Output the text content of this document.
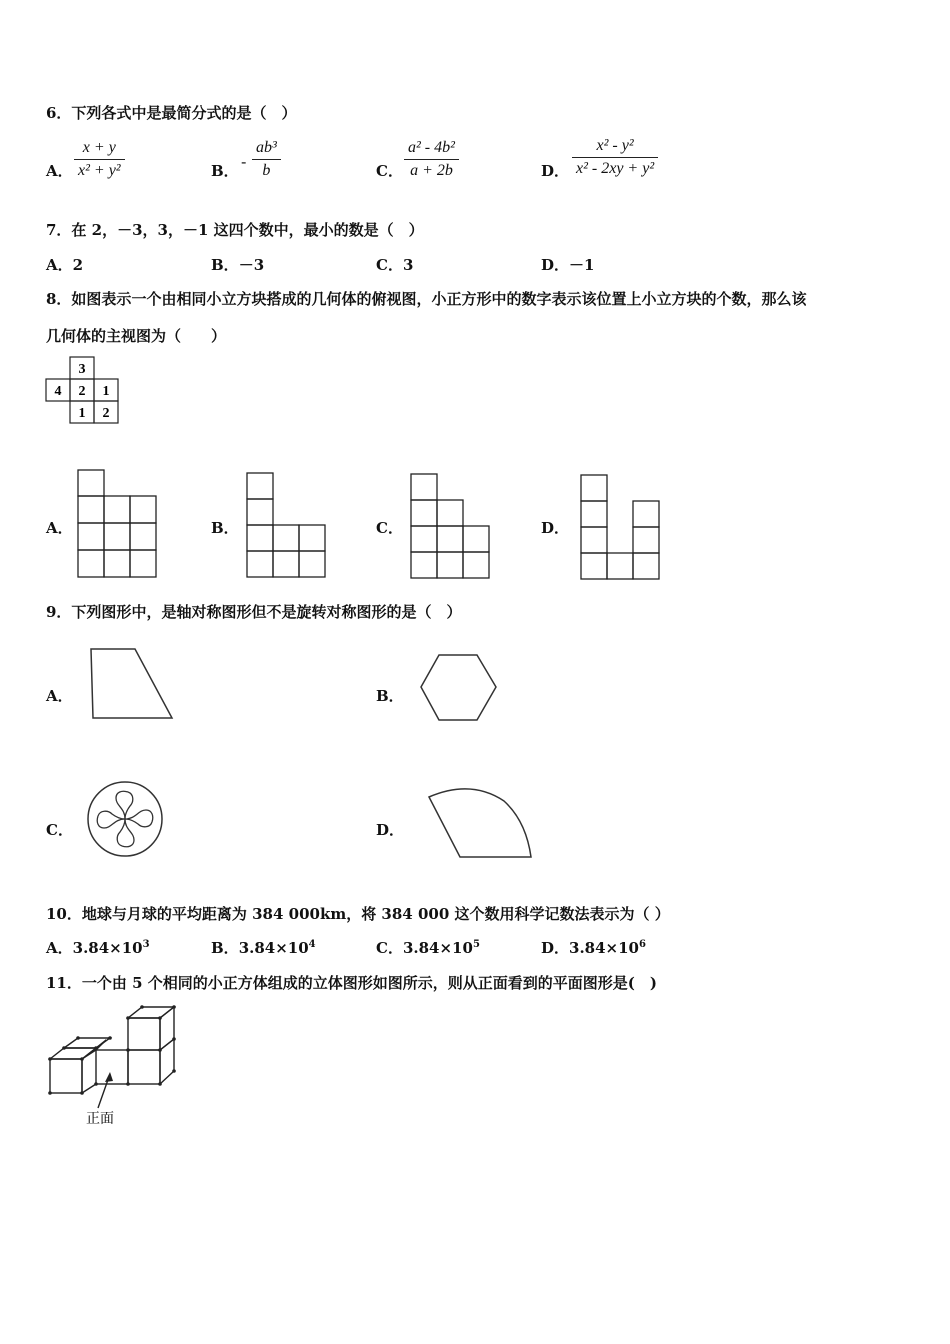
6．下列各式中是最简分式的是（　）
A． $\frac{x + y}{\text{x² + y²}}$	B． - $\frac{\text{ab³}}{b}$	C． $\frac{\text{a² - 4b²}}{a + 2b}$	D． $\frac{\text{x² - y²}}{\text{x² - 2xy + y²}}$
7．在 2，－3，3，－1 这四个数中，最小的数是（　）
A．2	B．－3	C．3	D．－1
8．如图表示一个由相同小立方块搭成的几何体的俯视图，小正方形中的数字表示该位置上小立方块的个数，那么该
几何体的主视图为（　　）
3
4 2 1
1 2
A．	B．	C．	D．
9．下列图形中，是轴对称图形但不是旋转对称图形的是（　）
A．	B．
C．	D．
10．地球与月球的平均距离为 384 000km，将 384 000 这个数用科学记数法表示为（ ）
A．$3.84\times 10^3$	B．$3.84\times 10^4$	C．$3.84\times 10^5$	D．$3.84\times 10^6$
11．一个由 5 个相同的小正方体组成的立体图形如图所示，则从正面看到的平面图形是(　)
正面
